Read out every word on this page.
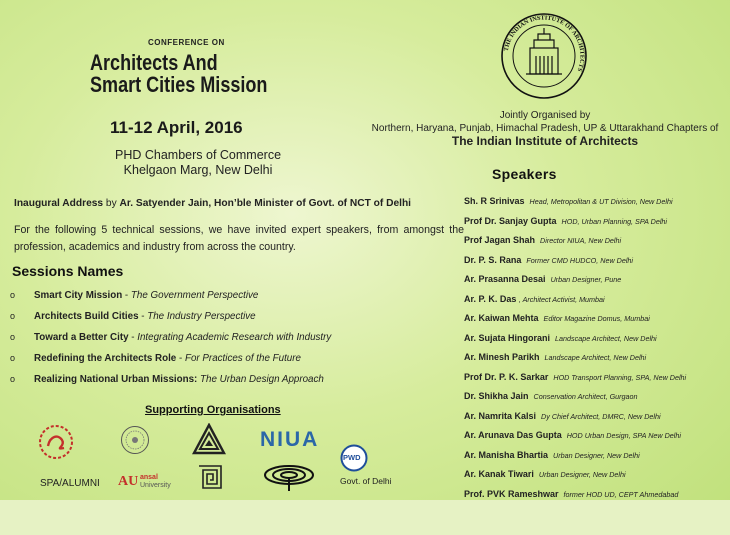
CONFERENCE ON
Architects And
Smart Cities Mission
11-12 April, 2016
PHD Chambers of Commerce
Khelgaon Marg, New Delhi
THE INDIAN INSTITUTE OF ARCHITECTS
Jointly Organised by
Northern, Haryana, Punjab, Himachal Pradesh, UP & Uttarakhand Chapters of
The Indian Institute of Architects
Inaugural Address by Ar. Satyender Jain, Hon’ble Minister of Govt. of NCT of Delhi
For the following 5 technical sessions, we have invited expert speakers, from amongst the profession, academics and industry from across the country.
Sessions Names
o Smart City Mission - The Government Perspective
o Architects Build Cities - The Industry Perspective
o Toward a Better City - Integrating Academic Research with Industry
o Redefining the Architects Role - For Practices of the Future
o Realizing National Urban Missions: The Urban Design Approach
Supporting Organisations
SPA/ALUMNI AU ansal
University
NIUA
PWD
Govt. of Delhi
Speakers
Sh. R Srinivas Head, Metropolitan & UT Division, New Delhi
Prof Dr. Sanjay Gupta HOD, Urban Planning, SPA Delhi
Prof Jagan Shah Director NIUA, New Delhi
Dr. P. S. Rana Former CMD HUDCO, New Delhi
Ar. Prasanna Desai Urban Designer, Pune
Ar. P. K. Das , Architect Activist, Mumbai
Ar. Kaiwan Mehta Editor Magazine Domus, Mumbai
Ar. Sujata Hingorani Landscape Architect, New Delhi
Ar. Minesh Parikh Landscape Architect, New Delhi
Prof Dr. P. K. Sarkar HOD Transport Planning, SPA, New Delhi
Dr. Shikha Jain Conservation Architect, Gurgaon
Ar. Namrita Kalsi Dy Chief Architect, DMRC, New Delhi
Ar. Arunava Das Gupta HOD Urban Design, SPA New Delhi
Ar. Manisha Bhartia Urban Designer, New Delhi
Ar. Kanak Tiwari Urban Designer, New Delhi
Prof. PVK Rameshwar former HOD UD, CEPT Ahmedabad
